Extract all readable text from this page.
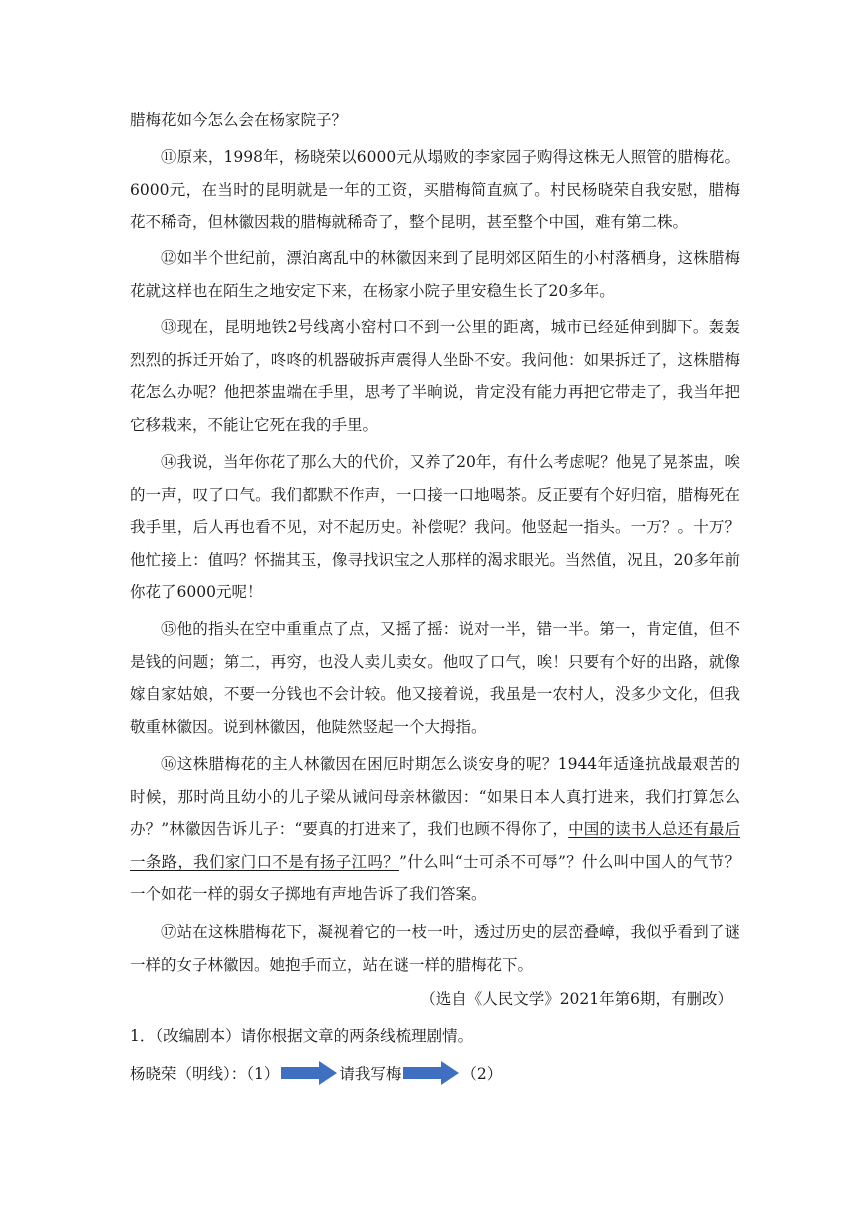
腊梅花如今怎么会在杨家院子？

⑪原来，1998年，杨晓荣以6000元从塌败的李家园子购得这株无人照管的腊梅花。6000元，在当时的昆明就是一年的工资，买腊梅简直疯了。村民杨晓荣自我安慰，腊梅花不稀奇，但林徽因栽的腊梅就稀奇了，整个昆明，甚至整个中国，难有第二株。

⑫如半个世纪前，漂泊离乱中的林徽因来到了昆明郊区陌生的小村落栖身，这株腊梅花就这样也在陌生之地安定下来，在杨家小院子里安稳生长了20多年。

⑬现在，昆明地铁2号线离小窑村口不到一公里的距离，城市已经延伸到脚下。轰轰烈烈的拆迁开始了，咚咚的机器破拆声震得人坐卧不安。我问他：如果拆迁了，这株腊梅花怎么办呢？他把茶盅端在手里，思考了半晌说，肯定没有能力再把它带走了，我当年把它移栽来，不能让它死在我的手里。

⑭我说，当年你花了那么大的代价，又养了20年，有什么考虑呢？他晃了晃茶盅，唉的一声，叹了口气。我们都默不作声，一口接一口地喝茶。反正要有个好归宿，腊梅死在我手里，后人再也看不见，对不起历史。补偿呢？我问。他竖起一指头。一万？。十万？他忙接上：值吗？怀揣其玉，像寻找识宝之人那样的渴求眼光。当然值，况且，20多年前你花了6000元呢！

⑮他的指头在空中重重点了点，又摇了摇：说对一半，错一半。第一，肯定值，但不是钱的问题；第二，再穷，也没人卖儿卖女。他叹了口气，唉！只要有个好的出路，就像嫁自家姑娘，不要一分钱也不会计较。他又接着说，我虽是一农村人，没多少文化，但我敬重林徽因。说到林徽因，他陡然竖起一个大拇指。

⑯这株腊梅花的主人林徽因在困厄时期怎么谈安身的呢？1944年适逢抗战最艰苦的时候，那时尚且幼小的儿子梁从诫问母亲林徽因：“如果日本人真打进来，我们打算怎么办？”林徽因告诉儿子：“要真的打进来了，我们也顾不得你了，中国的读书人总还有最后一条路，我们家门口不是有扬子江吗？”什么叫“士可杀不可辱”？什么叫中国人的气节？一个如花一样的弱女子掷地有声地告诉了我们答案。

⑰站在这株腊梅花下，凝视着它的一枝一叶，透过历史的层峦叠嶂，我似乎看到了谜一样的女子林徽因。她抱手而立，站在谜一样的腊梅花下。

（选自《人民文学》2021年第6期，有删改）
1．（改编剧本）请你根据文章的两条线梳理剧情。
杨晓荣（明线）：（1）	请我写梅	（2）
